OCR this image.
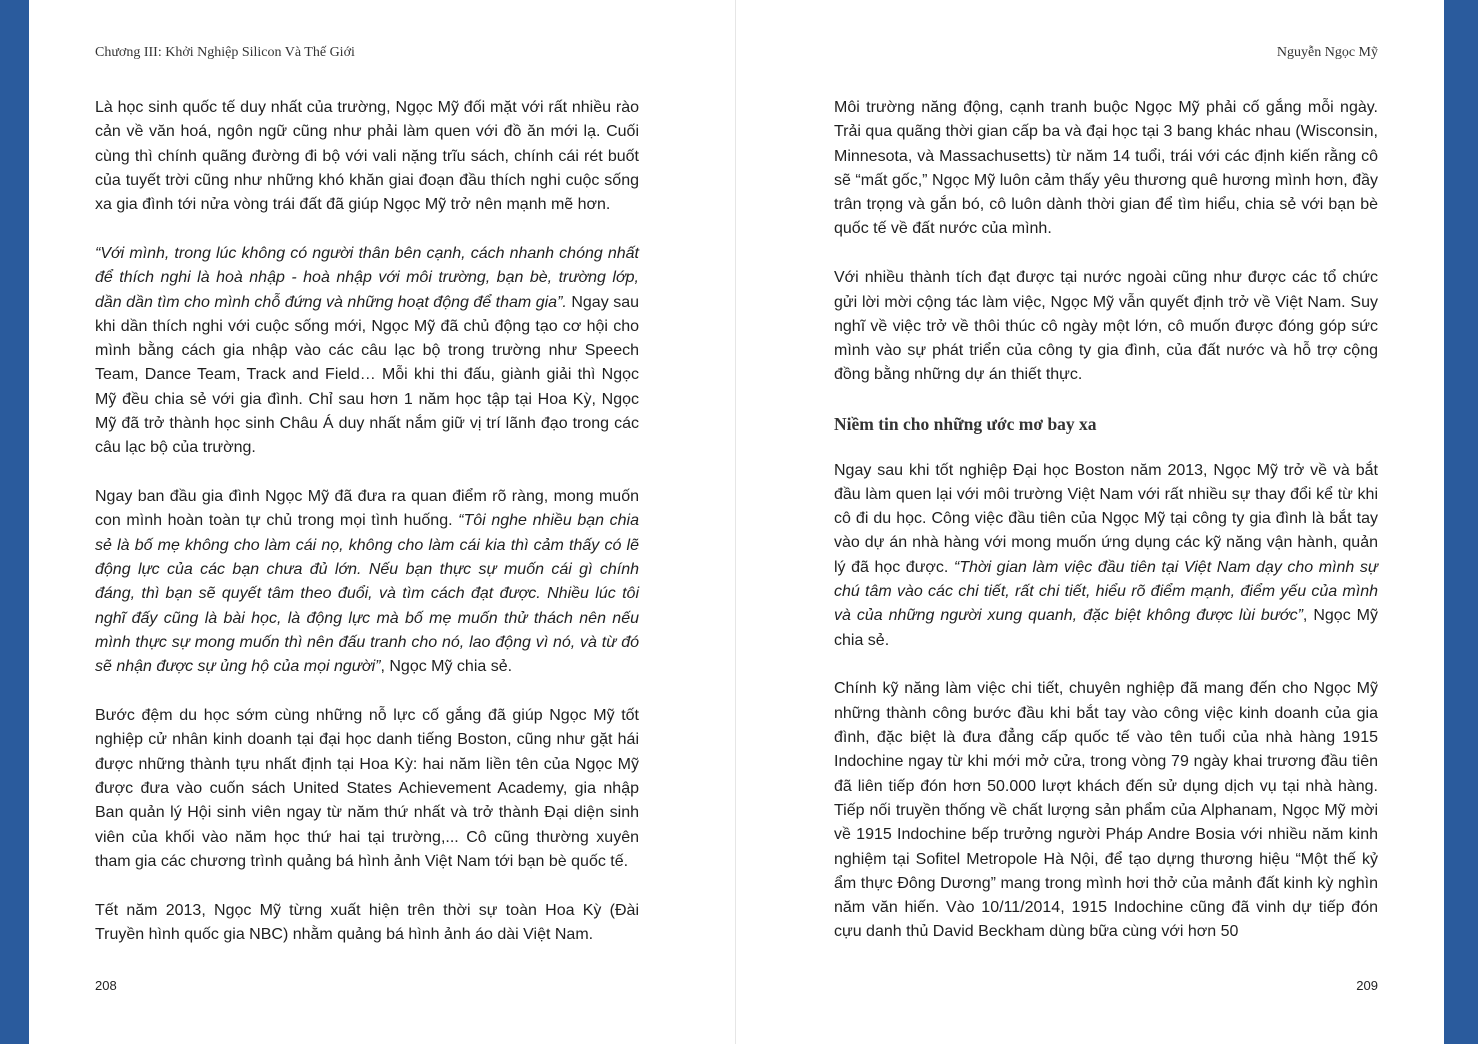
Chương III: Khởi Nghiệp Silicon Và Thế Giới

Là học sinh quốc tế duy nhất của trường, Ngọc Mỹ đối mặt với rất nhiều rào cản về văn hoá, ngôn ngữ cũng như phải làm quen với đồ ăn mới lạ. Cuối cùng thì chính quãng đường đi bộ với vali nặng trĩu sách, chính cái rét buốt của tuyết trời cũng như những khó khăn giai đoạn đầu thích nghi cuộc sống xa gia đình tới nửa vòng trái đất đã giúp Ngọc Mỹ trở nên mạnh mẽ hơn.

“Với mình, trong lúc không có người thân bên cạnh, cách nhanh chóng nhất để thích nghi là hoà nhập - hoà nhập với môi trường, bạn bè, trường lớp, dần dần tìm cho mình chỗ đứng và những hoạt động để tham gia”. Ngay sau khi dần thích nghi với cuộc sống mới, Ngọc Mỹ đã chủ động tạo cơ hội cho mình bằng cách gia nhập vào các câu lạc bộ trong trường như Speech Team, Dance Team, Track and Field… Mỗi khi thi đấu, giành giải thì Ngọc Mỹ đều chia sẻ với gia đình. Chỉ sau hơn 1 năm học tập tại Hoa Kỳ, Ngọc Mỹ đã trở thành học sinh Châu Á duy nhất nắm giữ vị trí lãnh đạo trong các câu lạc bộ của trường.

Ngay ban đầu gia đình Ngọc Mỹ đã đưa ra quan điểm rõ ràng, mong muốn con mình hoàn toàn tự chủ trong mọi tình huống. “Tôi nghe nhiều bạn chia sẻ là bố mẹ không cho làm cái nọ, không cho làm cái kia thì cảm thấy có lẽ động lực của các bạn chưa đủ lớn. Nếu bạn thực sự muốn cái gì chính đáng, thì bạn sẽ quyết tâm theo đuổi, và tìm cách đạt được. Nhiều lúc tôi nghĩ đấy cũng là bài học, là động lực mà bố mẹ muốn thử thách nên nếu mình thực sự mong muốn thì nên đấu tranh cho nó, lao động vì nó, và từ đó sẽ nhận được sự ủng hộ của mọi người”, Ngọc Mỹ chia sẻ.

Bước đệm du học sớm cùng những nỗ lực cố gắng đã giúp Ngọc Mỹ tốt nghiệp cử nhân kinh doanh tại đại học danh tiếng Boston, cũng như gặt hái được những thành tựu nhất định tại Hoa Kỳ: hai năm liền tên của Ngọc Mỹ được đưa vào cuốn sách United States Achievement Academy, gia nhập Ban quản lý Hội sinh viên ngay từ năm thứ nhất và trở thành Đại diện sinh viên của khối vào năm học thứ hai tại trường,... Cô cũng thường xuyên tham gia các chương trình quảng bá hình ảnh Việt Nam tới bạn bè quốc tế.

Tết năm 2013, Ngọc Mỹ từng xuất hiện trên thời sự toàn Hoa Kỳ (Đài Truyền hình quốc gia NBC) nhằm quảng bá hình ảnh áo dài Việt Nam.

208
Nguyễn Ngọc Mỹ

Môi trường năng động, cạnh tranh buộc Ngọc Mỹ phải cố gắng mỗi ngày. Trải qua quãng thời gian cấp ba và đại học tại 3 bang khác nhau (Wisconsin, Minnesota, và Massachusetts) từ năm 14 tuổi, trái với các định kiến rằng cô sẽ “mất gốc,” Ngọc Mỹ luôn cảm thấy yêu thương quê hương mình hơn, đầy trân trọng và gắn bó, cô luôn dành thời gian để tìm hiểu, chia sẻ với bạn bè quốc tế về đất nước của mình.

Với nhiều thành tích đạt được tại nước ngoài cũng như được các tổ chức gửi lời mời cộng tác làm việc, Ngọc Mỹ vẫn quyết định trở về Việt Nam. Suy nghĩ về việc trở về thôi thúc cô ngày một lớn, cô muốn được đóng góp sức mình vào sự phát triển của công ty gia đình, của đất nước và hỗ trợ cộng đồng bằng những dự án thiết thực.

Niềm tin cho những ước mơ bay xa

Ngay sau khi tốt nghiệp Đại học Boston năm 2013, Ngọc Mỹ trở về và bắt đầu làm quen lại với môi trường Việt Nam với rất nhiều sự thay đổi kể từ khi cô đi du học. Công việc đầu tiên của Ngọc Mỹ tại công ty gia đình là bắt tay vào dự án nhà hàng với mong muốn ứng dụng các kỹ năng vận hành, quản lý đã học được. “Thời gian làm việc đầu tiên tại Việt Nam dạy cho mình sự chú tâm vào các chi tiết, rất chi tiết, hiểu rõ điểm mạnh, điểm yếu của mình và của những người xung quanh, đặc biệt không được lùi bước”, Ngọc Mỹ chia sẻ.

Chính kỹ năng làm việc chi tiết, chuyên nghiệp đã mang đến cho Ngọc Mỹ những thành công bước đầu khi bắt tay vào công việc kinh doanh của gia đình, đặc biệt là đưa đẳng cấp quốc tế vào tên tuổi của nhà hàng 1915 Indochine ngay từ khi mới mở cửa, trong vòng 79 ngày khai trương đầu tiên đã liên tiếp đón hơn 50.000 lượt khách đến sử dụng dịch vụ tại nhà hàng. Tiếp nối truyền thống về chất lượng sản phẩm của Alphanam, Ngọc Mỹ mời về 1915 Indochine bếp trưởng người Pháp Andre Bosia với nhiều năm kinh nghiệm tại Sofitel Metropole Hà Nội, để tạo dựng thương hiệu “Một thế kỷ ẩm thực Đông Dương” mang trong mình hơi thở của mảnh đất kinh kỳ nghìn năm văn hiến. Vào 10/11/2014, 1915 Indochine cũng đã vinh dự tiếp đón cựu danh thủ David Beckham dùng bữa cùng với hơn 50

209
